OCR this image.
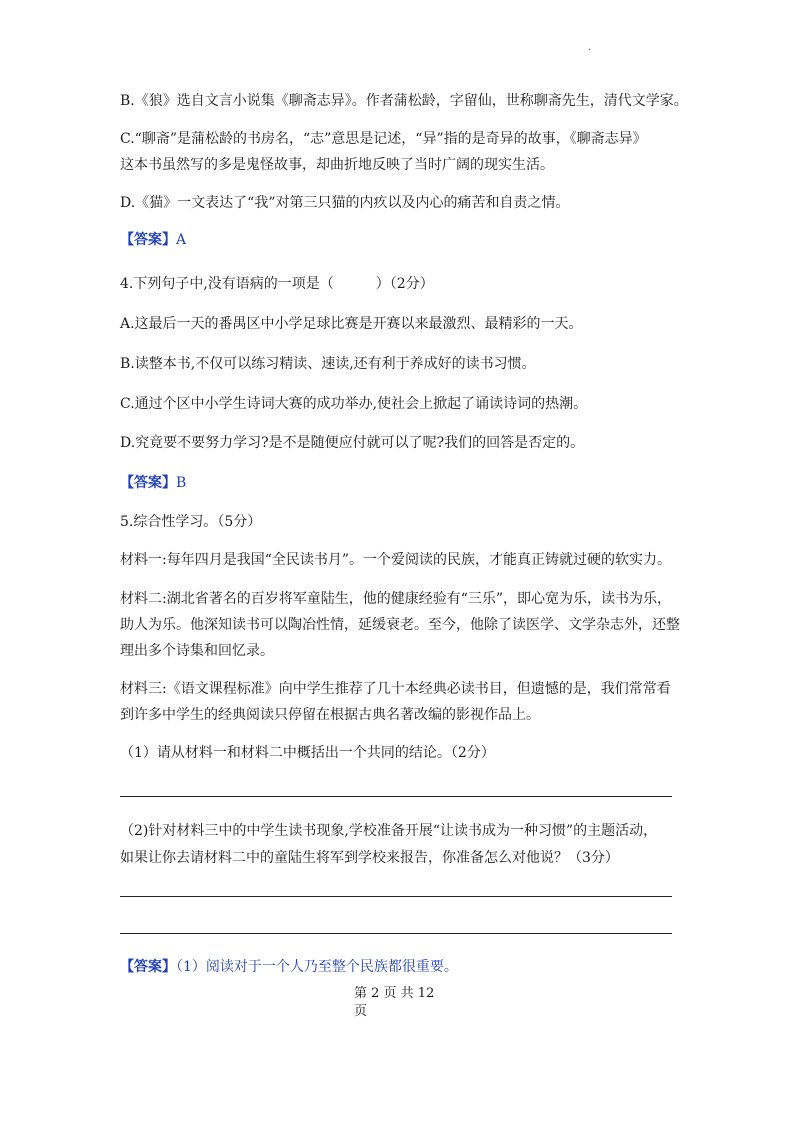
.
B.《狼》选自文言小说集《聊斋志异》。作者蒲松龄，字留仙，世称聊斋先生，清代文学家。
C.“聊斋”是蒲松龄的书房名，“志”意思是记述，“异”指的是奇异的故事，《聊斋志异》
这本书虽然写的多是鬼怪故事，却曲折地反映了当时广阔的现实生活。
D.《猫》一文表达了“我”对第三只猫的内疚以及内心的痛苦和自责之情。
【答案】A
4.下列句子中,没有语病的一项是（　　　）（2分）
A.这最后一天的番禺区中小学足球比赛是开赛以来最激烈、最精彩的一天。
B.读整本书,不仅可以练习精读、速读,还有利于养成好的读书习惯。
C.通过个区中小学生诗词大赛的成功举办,使社会上掀起了诵读诗词的热潮。
D.究竟要不要努力学习?是不是随便应付就可以了呢?我们的回答是否定的。
【答案】B
5.综合性学习。（5分）
材料一:每年四月是我国“全民读书月”。一个爱阅读的民族，才能真正铸就过硬的软实力。
材料二:湖北省著名的百岁将军童陆生，他的健康经验有“三乐”，即心宽为乐，读书为乐，
助人为乐。他深知读书可以陶冶性情，延缓衰老。至今，他除了读医学、文学杂志外，还整
理出多个诗集和回忆录。
材料三:《语文课程标准》向中学生推荐了几十本经典必读书目，但遗憾的是，我们常常看
到许多中学生的经典阅读只停留在根据古典名著改编的影视作品上。
（1）请从材料一和材料二中概括出一个共同的结论。（2分）
（2)针对材料三中的中学生读书现象,学校准备开展“让读书成为一种习惯”的主题活动，
如果让你去请材料二中的童陆生将军到学校来报告，你准备怎么对他说？（3分）
【答案】（1）阅读对于一个人乃至整个民族都很重要。
第 2 页 共 12
页
